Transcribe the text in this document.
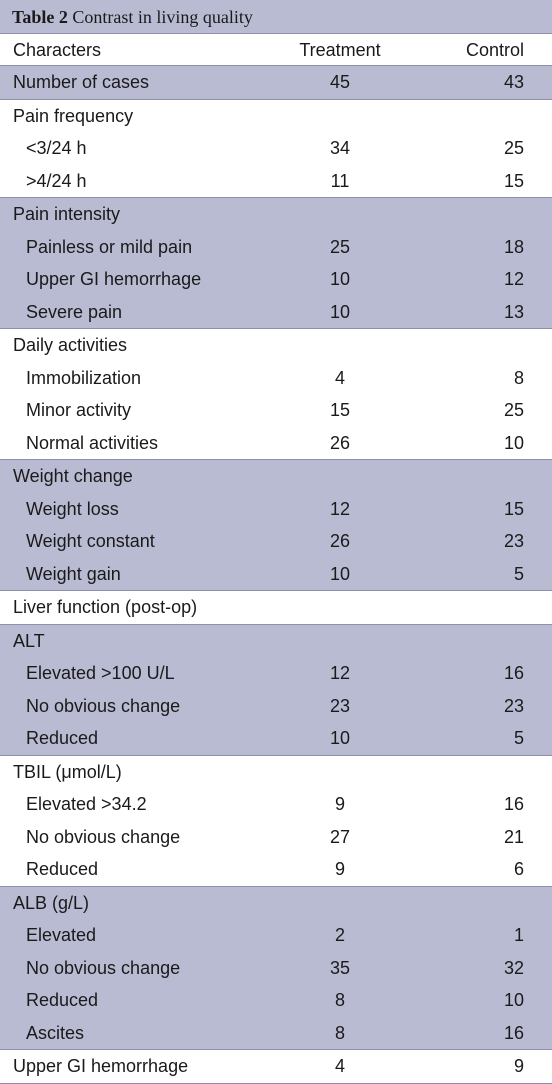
Table 2 Contrast in living quality
Characters	Treatment	Control
Number of cases	45	43
Pain frequency
<3/24 h	34	25
>4/24 h	11	15
Pain intensity
Painless or mild pain	25	18
Upper GI hemorrhage	10	12
Severe pain	10	13
Daily activities
Immobilization	4	8
Minor activity	15	25
Normal activities	26	10
Weight change
Weight loss	12	15
Weight constant	26	23
Weight gain	10	5
Liver function (post-op)
ALT
Elevated >100 U/L	12	16
No obvious change	23	23
Reduced	10	5
TBIL (μmol/L)
Elevated >34.2	9	16
No obvious change	27	21
Reduced	9	6
ALB (g/L)
Elevated	2	1
No obvious change	35	32
Reduced	8	10
Ascites	8	16
Upper GI hemorrhage	4	9
